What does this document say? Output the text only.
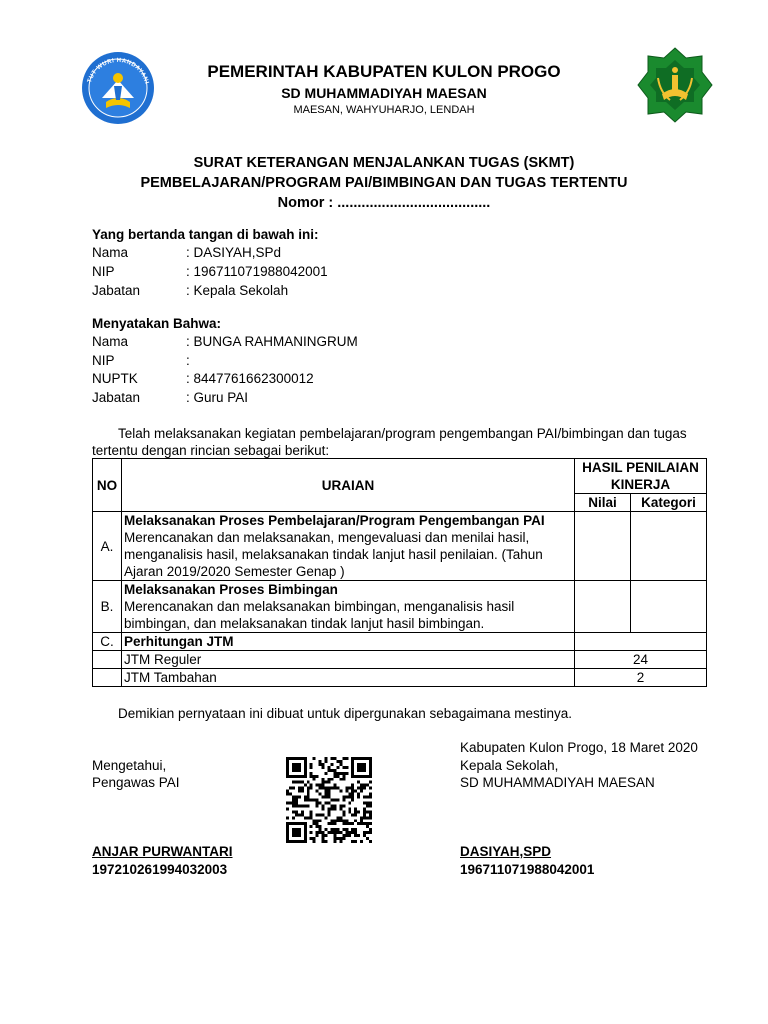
TUT WURI HANDAYANI
PEMERINTAH KABUPATEN KULON PROGO
SD MUHAMMADIYAH MAESAN
MAESAN, WAHYUHARJO, LENDAH
SURAT KETERANGAN MENJALANKAN TUGAS (SKMT)
PEMBELAJARAN/PROGRAM PAI/BIMBINGAN DAN TUGAS TERTENTU
Nomor : ......................................
Yang bertanda tangan di bawah ini:
Nama	: DASIYAH,SPd
NIP	: 196711071988042001
Jabatan	: Kepala Sekolah
Menyatakan Bahwa:
Nama	: BUNGA RAHMANINGRUM
NIP	:
NUPTK	: 8447761662300012
Jabatan	: Guru PAI
Telah melaksanakan kegiatan pembelajaran/program pengembangan PAI/bimbingan dan tugas
tertentu dengan rincian sebagai berikut:
NO	URAIAN	HASIL PENILAIAN
KINERJA	

		Nilai	Kategori
A.	Melaksanakan Proses Pembelajaran/Program Pengembangan PAI
Merencanakan dan melaksanakan, mengevaluasi dan menilai hasil,
menganalisis hasil, melaksanakan tindak lanjut hasil penilaian. (Tahun
Ajaran 2019/2020 Semester Genap )		

B.	Melaksanakan Proses Bimbingan
Merencanakan dan melaksanakan bimbingan, menganalisis hasil
bimbingan, dan melaksanakan tindak lanjut hasil bimbingan.		

C.	Perhitungan JTM		
	JTM Reguler	24	
	JTM Tambahan	2	
Demikian pernyataan ini dibuat untuk dipergunakan sebagaimana mestinya.
Kabupaten Kulon Progo, 18 Maret 2020
Kepala Sekolah,
SD MUHAMMADIYAH MAESAN
DASIYAH,SPD
196711071988042001
Mengetahui,
Pengawas PAI
ANJAR PURWANTARI
197210261994032003
